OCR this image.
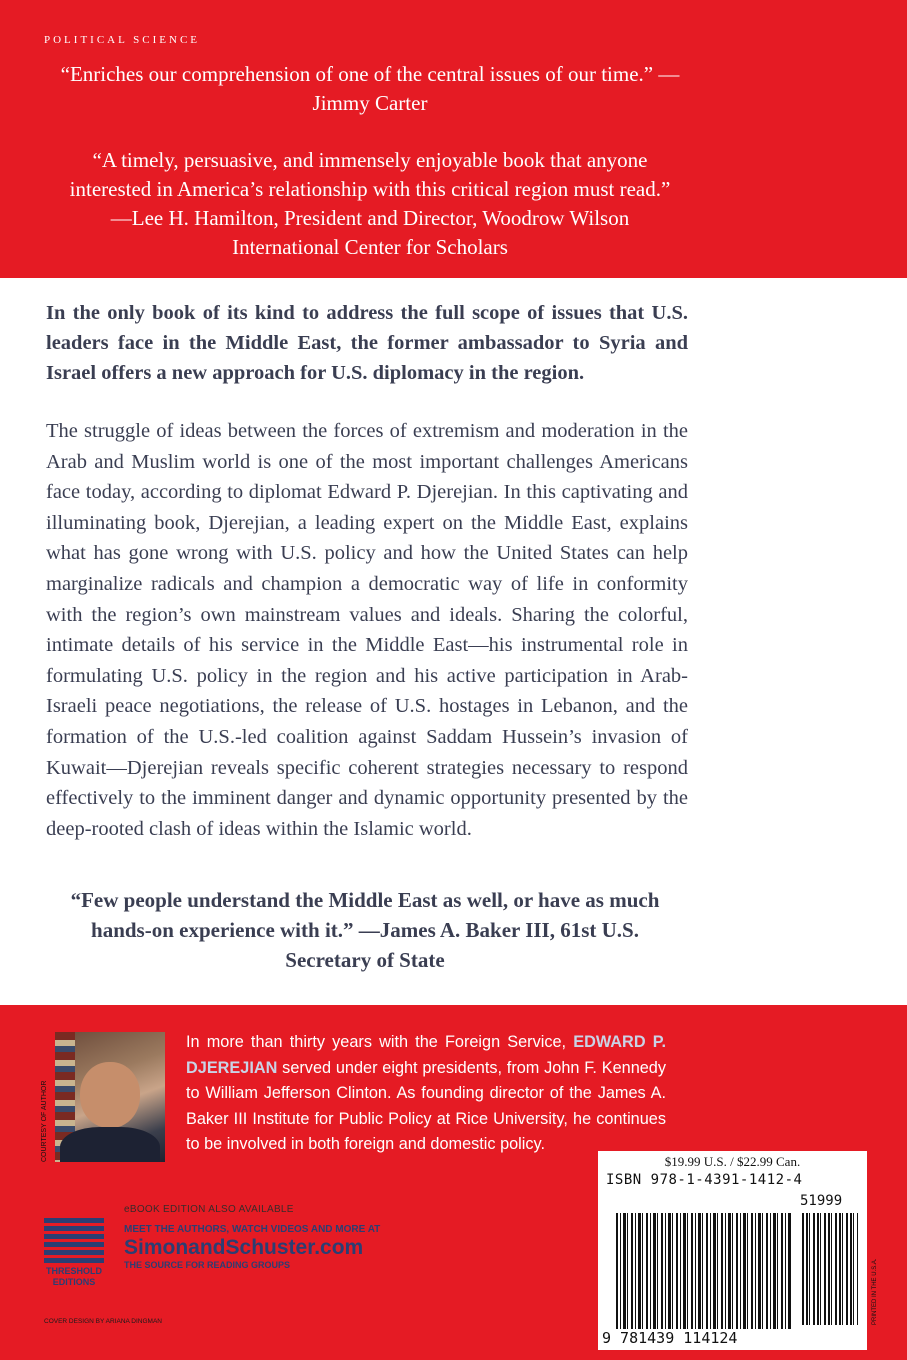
POLITICAL SCIENCE
“Enriches our comprehension of one of the central issues of our time.” —Jimmy Carter
“A timely, persuasive, and immensely enjoyable book that anyone interested in America’s relationship with this critical region must read.” —Lee H. Hamilton, President and Director, Woodrow Wilson International Center for Scholars
In the only book of its kind to address the full scope of issues that U.S. leaders face in the Middle East, the former ambassador to Syria and Israel offers a new approach for U.S. diplomacy in the region.
The struggle of ideas between the forces of extremism and moderation in the Arab and Muslim world is one of the most important challenges Americans face today, according to diplomat Edward P. Djerejian. In this captivating and illuminating book, Djerejian, a leading expert on the Middle East, explains what has gone wrong with U.S. policy and how the United States can help marginalize radicals and champion a democratic way of life in conformity with the region’s own mainstream values and ideals. Sharing the colorful, intimate details of his service in the Middle East—his instrumental role in formulating U.S. policy in the region and his active participation in Arab-Israeli peace negotiations, the release of U.S. hostages in Lebanon, and the formation of the U.S.-led coalition against Saddam Hussein’s invasion of Kuwait—Djerejian reveals specific coherent strategies necessary to respond effectively to the imminent danger and dynamic opportunity presented by the deep-rooted clash of ideas within the Islamic world.
“Few people understand the Middle East as well, or have as much hands-on experience with it.” —James A. Baker III, 61st U.S. Secretary of State
COURTESY OF AUTHOR
In more than thirty years with the Foreign Service, EDWARD P. DJEREJIAN served under eight presidents, from John F. Kennedy to William Jefferson Clinton. As founding director of the James A. Baker III Institute for Public Policy at Rice University, he continues to be involved in both foreign and domestic policy.
THRESHOLD EDITIONS
eBOOK EDITION ALSO AVAILABLE
MEET THE AUTHORS, WATCH VIDEOS AND MORE AT
SimonandSchuster.com
THE SOURCE FOR READING GROUPS
COVER DESIGN BY ARIANA DINGMAN
$19.99 U.S. / $22.99 Can.
ISBN 978-1-4391-1412-4
51999
9 781439 114124
PRINTED IN THE U.S.A.
